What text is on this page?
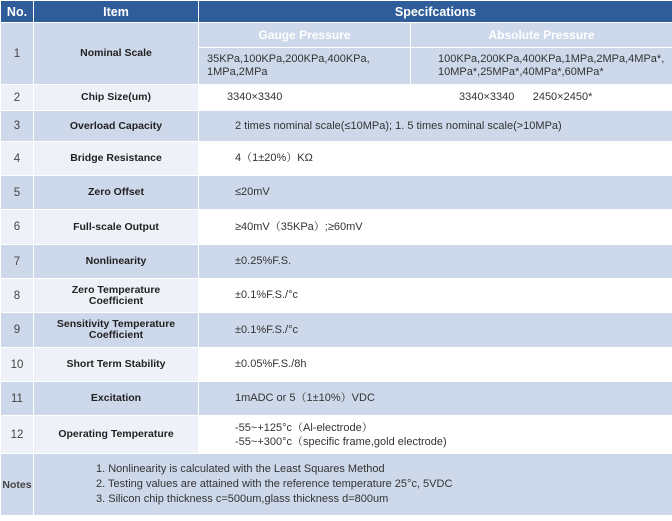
No.	Item	Specifcations	
1	Nominal Scale	Gauge Pressure	Absolute Pressure
		35KPa,100KPa,200KPa,400KPa,
1MPa,2MPa	100KPa,200KPa,400KPa,1MPa,2MPa,4MPa*,
10MPa*,25MPa*,40MPa*,60MPa*
2	Chip Size(um)	3340×3340	3340×3340      2450×2450*
3	Overload Capacity	2 times nominal scale(≤10MPa); 1. 5 times nominal scale(>10MPa)	
4	Bridge Resistance	4（1±20%）KΩ	
5	Zero Offset	≤20mV	
6	Full-scale Output	≥40mV（35KPa）;≥60mV	
7	Nonlinearity	±0.25%F.S.	
8	Zero Temperature
Coefficient	±0.1%F.S./°c	
9	Sensitivity Temperature
Coefficient	±0.1%F.S./°c	
10	Short Term Stability	±0.05%F.S./8h	
11	Excitation	1mADC or 5（1±10%）VDC	
12	Operating Temperature	-55~+125°c（Al-electrode）
-55~+300°c（specific frame,gold electrode)	
Notes	1. Nonlinearity is calculated with the Least Squares Method
2. Testing values are attained with the reference temperature 25°c, 5VDC
3. Silicon chip thickness c=500um,glass thickness d=800um		
